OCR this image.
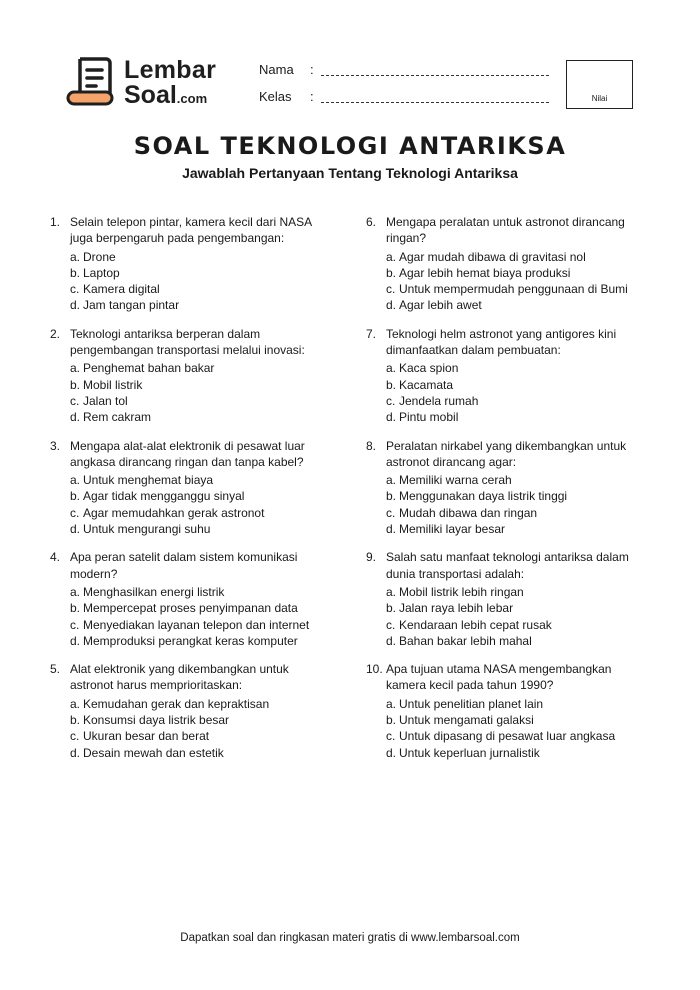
Lembar
Soal.com
Nama	:
Kelas	:	Nilai
SOAL TEKNOLOGI ANTARIKSA
Jawablah Pertanyaan Tentang Teknologi Antariksa
1. Selain telepon pintar, kamera kecil dari NASA juga berpengaruh pada pengembangan:
a. Drone
b. Laptop
c. Kamera digital
d. Jam tangan pintar
2. Teknologi antariksa berperan dalam pengembangan transportasi melalui inovasi:
a. Penghemat bahan bakar
b. Mobil listrik
c. Jalan tol
d. Rem cakram
3. Mengapa alat-alat elektronik di pesawat luar angkasa dirancang ringan dan tanpa kabel?
a. Untuk menghemat biaya
b. Agar tidak mengganggu sinyal
c. Agar memudahkan gerak astronot
d. Untuk mengurangi suhu
4. Apa peran satelit dalam sistem komunikasi modern?
a. Menghasilkan energi listrik
b. Mempercepat proses penyimpanan data
c. Menyediakan layanan telepon dan internet
d. Memproduksi perangkat keras komputer
5. Alat elektronik yang dikembangkan untuk astronot harus memprioritaskan:
a. Kemudahan gerak dan kepraktisan
b. Konsumsi daya listrik besar
c. Ukuran besar dan berat
d. Desain mewah dan estetik
6. Mengapa peralatan untuk astronot dirancang ringan?
a. Agar mudah dibawa di gravitasi nol
b. Agar lebih hemat biaya produksi
c. Untuk mempermudah penggunaan di Bumi
d. Agar lebih awet
7. Teknologi helm astronot yang antigores kini dimanfaatkan dalam pembuatan:
a. Kaca spion
b. Kacamata
c. Jendela rumah
d. Pintu mobil
8. Peralatan nirkabel yang dikembangkan untuk astronot dirancang agar:
a. Memiliki warna cerah
b. Menggunakan daya listrik tinggi
c. Mudah dibawa dan ringan
d. Memiliki layar besar
9. Salah satu manfaat teknologi antariksa dalam dunia transportasi adalah:
a. Mobil listrik lebih ringan
b. Jalan raya lebih lebar
c. Kendaraan lebih cepat rusak
d. Bahan bakar lebih mahal
10. Apa tujuan utama NASA mengembangkan kamera kecil pada tahun 1990?
a. Untuk penelitian planet lain
b. Untuk mengamati galaksi
c. Untuk dipasang di pesawat luar angkasa
d. Untuk keperluan jurnalistik
Dapatkan soal dan ringkasan materi gratis di www.lembarsoal.com
